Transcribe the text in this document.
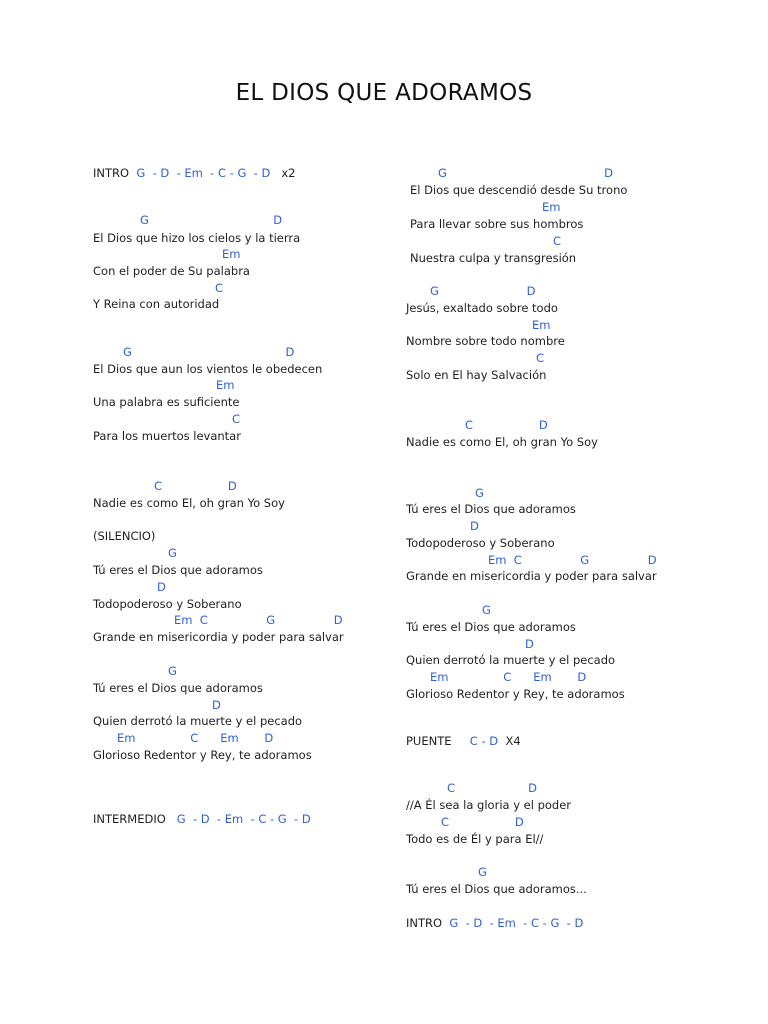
EL DIOS QUE ADORAMOS
INTRO G  - D  - Em  - C - G  - D x2
G                                  D
El Dios que hizo los cielos y la tierra
Em
Con el poder de Su palabra
C
Y Reina con autoridad
G                                          D
El Dios que aun los vientos le obedecen
Em
Una palabra es suficiente
C
Para los muertos levantar
C                  D
Nadie es como El, oh gran Yo Soy
(SILENCIO)
G
Tú eres el Dios que adoramos
D
Todopoderoso y Soberano
Em  C                G                D
Grande en misericordia y poder para salvar
G
Tú eres el Dios que adoramos
D
Quien derrotó la muerte y el pecado
Em               C      Em       D
Glorioso Redentor y Rey, te adoramos
INTERMEDIO G  - D  - Em  - C - G  - D
G                                           D
El Dios que descendió desde Su trono
Em
Para llevar sobre sus hombros
C
Nuestra culpa y transgresión
G                        D
Jesús, exaltado sobre todo
Em
Nombre sobre todo nombre
C
Solo en El hay Salvación
C                  D
Nadie es como El, oh gran Yo Soy
G
Tú eres el Dios que adoramos
D
Todopoderoso y Soberano
Em  C                G                D
Grande en misericordia y poder para salvar
G
Tú eres el Dios que adoramos
D
Quien derrotó la muerte y el pecado
Em               C      Em       D
Glorioso Redentor y Rey, te adoramos
PUENTE C - D X4
C                    D
//A Él sea la gloria y el poder
C                  D
Todo es de Él y para El//
G
Tú eres el Dios que adoramos...
INTRO G  - D  - Em  - C - G  - D
